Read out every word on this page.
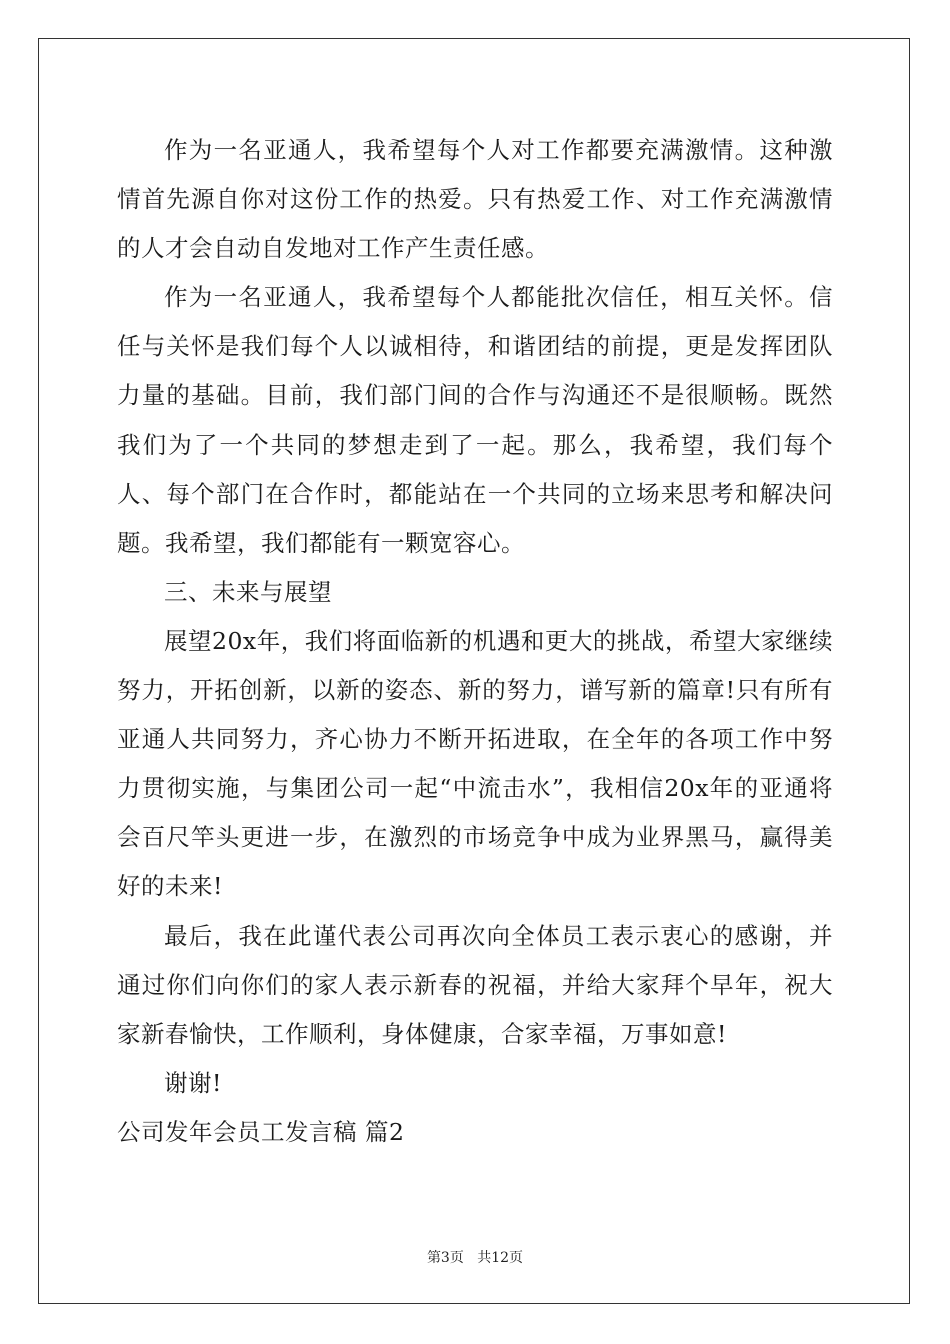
作为一名亚通人，我希望每个人对工作都要充满激情。这种激情首先源自你对这份工作的热爱。只有热爱工作、对工作充满激情的人才会自动自发地对工作产生责任感。

作为一名亚通人，我希望每个人都能批次信任，相互关怀。信任与关怀是我们每个人以诚相待，和谐团结的前提，更是发挥团队力量的基础。目前，我们部门间的合作与沟通还不是很顺畅。既然我们为了一个共同的梦想走到了一起。那么，我希望，我们每个人、每个部门在合作时，都能站在一个共同的立场来思考和解决问题。我希望，我们都能有一颗宽容心。

三、未来与展望

展望20x年，我们将面临新的机遇和更大的挑战，希望大家继续努力，开拓创新，以新的姿态、新的努力，谱写新的篇章!只有所有亚通人共同努力，齐心协力不断开拓进取，在全年的各项工作中努力贯彻实施，与集团公司一起“中流击水”，我相信20x年的亚通将会百尺竿头更进一步，在激烈的市场竞争中成为业界黑马，赢得美好的未来!

最后，我在此谨代表公司再次向全体员工表示衷心的感谢，并通过你们向你们的家人表示新春的祝福，并给大家拜个早年，祝大家新春愉快，工作顺利，身体健康，合家幸福，万事如意!

谢谢!

公司发年会员工发言稿 篇2

第3页 共12页
